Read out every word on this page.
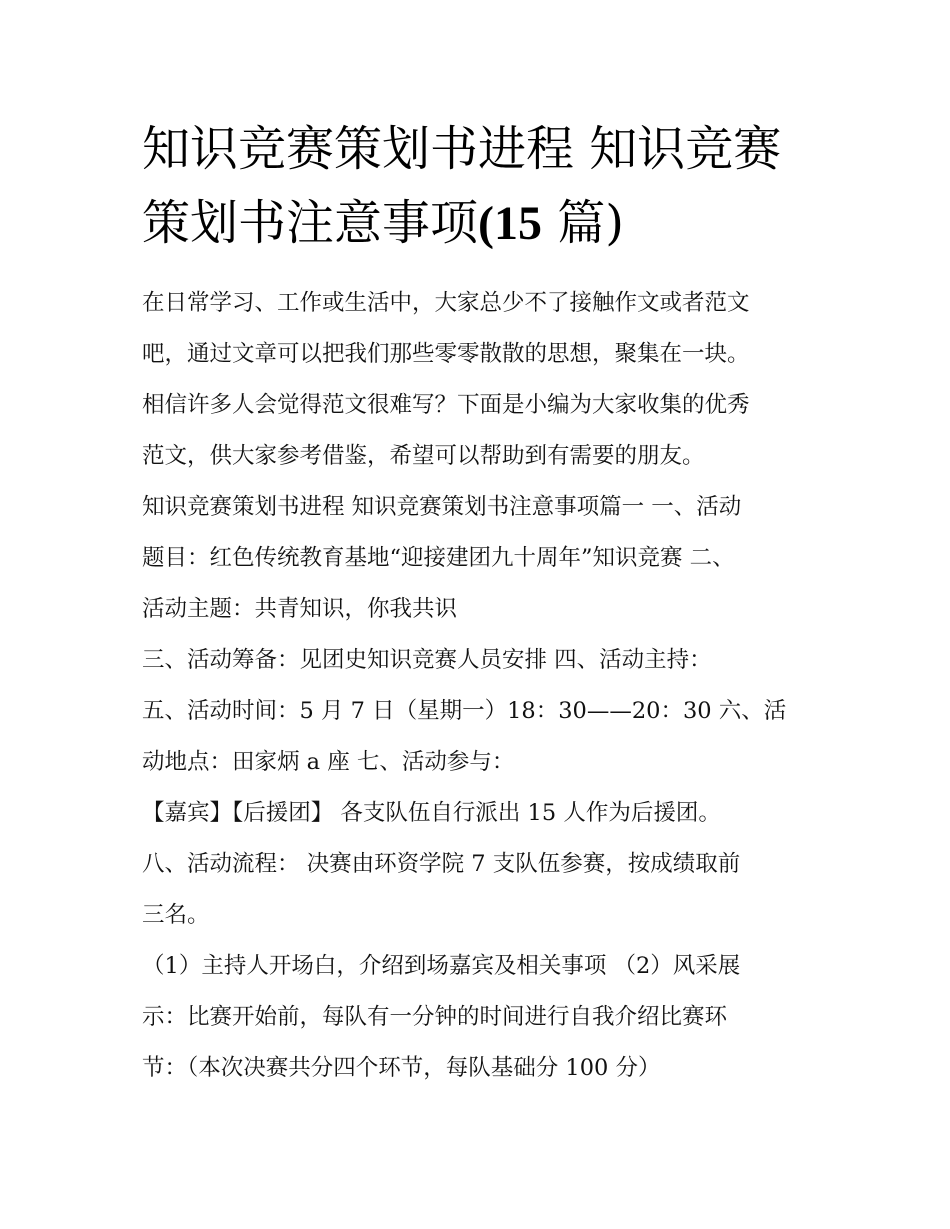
知识竞赛策划书进程 知识竞赛
策划书注意事项(15 篇)

在日常学习、工作或生活中，大家总少不了接触作文或者范文

吧，通过文章可以把我们那些零零散散的思想，聚集在一块。

相信许多人会觉得范文很难写？下面是小编为大家收集的优秀

范文，供大家参考借鉴，希望可以帮助到有需要的朋友。

知识竞赛策划书进程 知识竞赛策划书注意事项篇一 一、活动

题目：红色传统教育基地“迎接建团九十周年”知识竞赛 二、

活动主题：共青知识，你我共识

三、活动筹备：见团史知识竞赛人员安排 四、活动主持：

五、活动时间：5 月 7 日（星期一）18：30——20：30 六、活

动地点：田家炳 a 座 七、活动参与：

【嘉宾】【后援团】 各支队伍自行派出 15 人作为后援团。

八、活动流程： 决赛由环资学院 7 支队伍参赛，按成绩取前

三名。

（1）主持人开场白，介绍到场嘉宾及相关事项 （2）风采展

示：比赛开始前，每队有一分钟的时间进行自我介绍比赛环

节：（本次决赛共分四个环节，每队基础分 100 分）
